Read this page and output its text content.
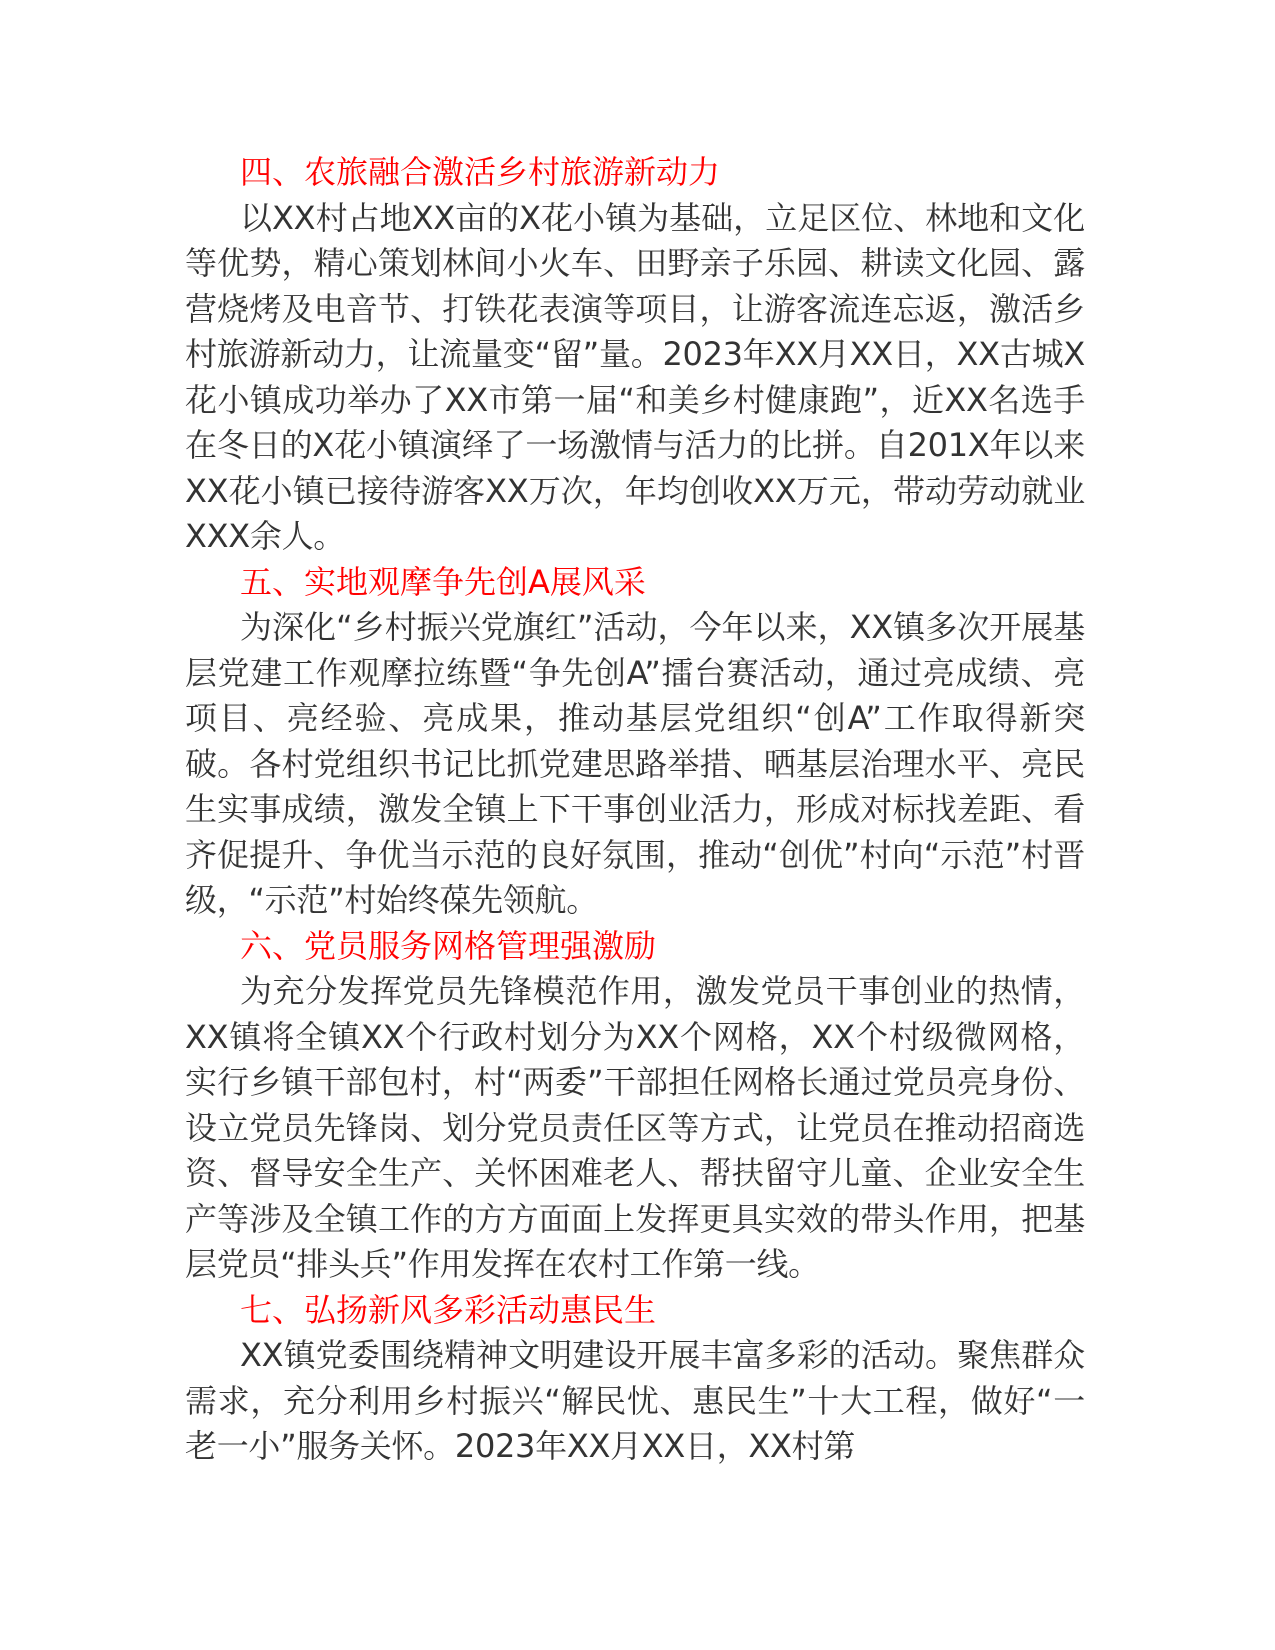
四、农旅融合激活乡村旅游新动力

以XX村占地XX亩的X花小镇为基础，立足区位、林地和文化等优势，精心策划林间小火车、田野亲子乐园、耕读文化园、露营烧烤及电音节、打铁花表演等项目，让游客流连忘返，激活乡村旅游新动力，让流量变“留”量。2023年XX月XX日，XX古城X花小镇成功举办了XX市第一届“和美乡村健康跑”，近XX名选手在冬日的X花小镇演绎了一场激情与活力的比拼。自201X年以来XX花小镇已接待游客XX万次，年均创收XX万元，带动劳动就业XXX余人。

五、实地观摩争先创A展风采

为深化“乡村振兴党旗红”活动，今年以来，XX镇多次开展基层党建工作观摩拉练暨“争先创A”擂台赛活动，通过亮成绩、亮项目、亮经验、亮成果，推动基层党组织“创A”工作取得新突破。各村党组织书记比抓党建思路举措、晒基层治理水平、亮民生实事成绩，激发全镇上下干事创业活力，形成对标找差距、看齐促提升、争优当示范的良好氛围，推动“创优”村向“示范”村晋级，“示范”村始终葆先领航。

六、党员服务网格管理强激励

为充分发挥党员先锋模范作用，激发党员干事创业的热情，XX镇将全镇XX个行政村划分为XX个网格，XX个村级微网格，实行乡镇干部包村，村“两委”干部担任网格长通过党员亮身份、设立党员先锋岗、划分党员责任区等方式，让党员在推动招商选资、督导安全生产、关怀困难老人、帮扶留守儿童、企业安全生产等涉及全镇工作的方方面面上发挥更具实效的带头作用，把基层党员“排头兵”作用发挥在农村工作第一线。

七、弘扬新风多彩活动惠民生

XX镇党委围绕精神文明建设开展丰富多彩的活动。聚焦群众需求，充分利用乡村振兴“解民忧、惠民生”十大工程，做好“一老一小”服务关怀。2023年XX月XX日，XX村第
